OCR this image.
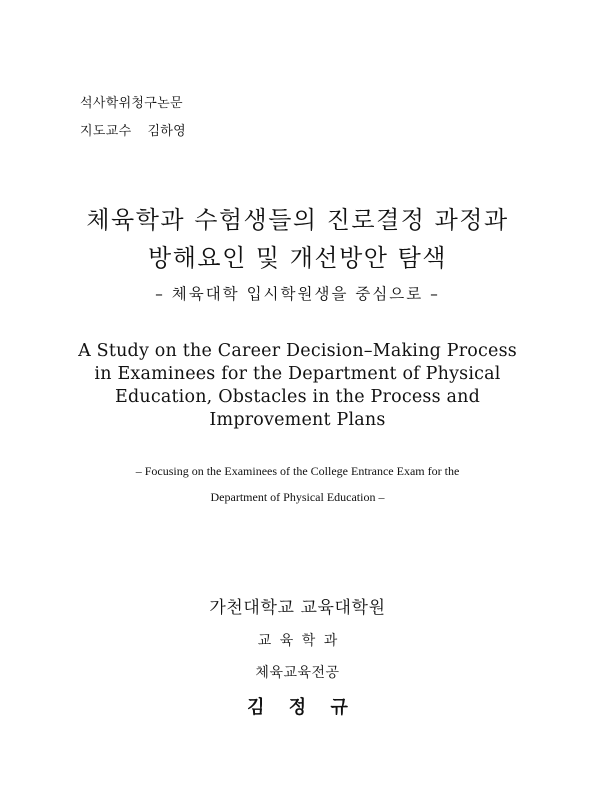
석사학위청구논문
지도교수 김하영
체육학과 수험생들의 진로결정 과정과
방해요인 및 개선방안 탐색
– 체육대학 입시학원생을 중심으로 –
A Study on the Career Decision–Making Process
in Examinees for the Department of Physical
Education, Obstacles in the Process and
Improvement Plans
– Focusing on the Examinees of the College Entrance Exam for the
Department of Physical Education –
가천대학교 교육대학원
교 육 학 과
체육교육전공
김 정 규
